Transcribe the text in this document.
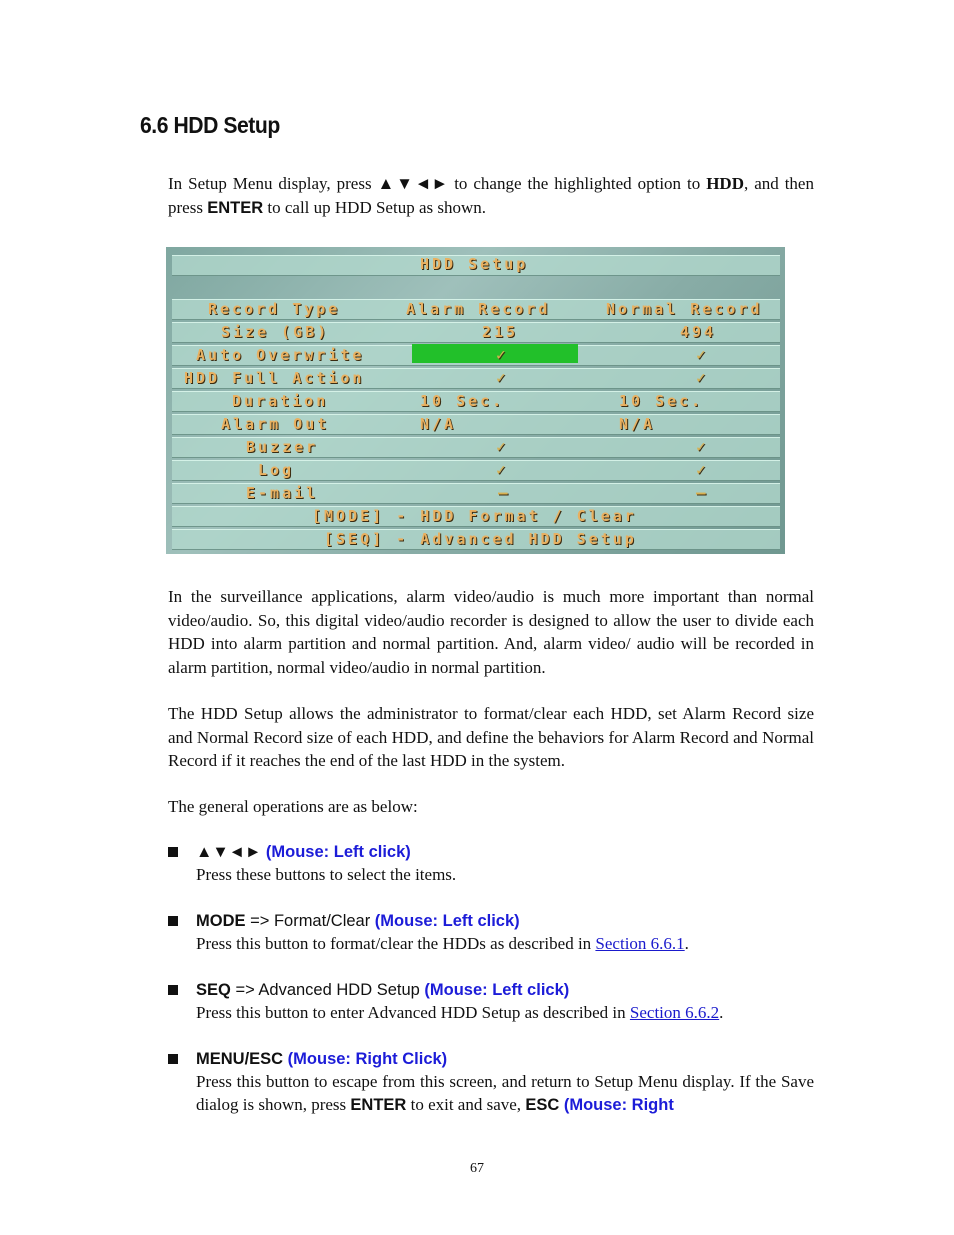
6.6 HDD Setup
In Setup Menu display, press ▲▼◄► to change the highlighted option to HDD, and then press ENTER to call up HDD Setup as shown.
HDD Setup
Record Type	Alarm Record	Normal Record
Size (GB)	215	494
Auto Overwrite	✓	✓
HDD Full Action	✓	✓
Duration	10 Sec.	10 Sec.
Alarm Out	N/A	N/A
Buzzer	✓	✓
Log	✓	✓
E-mail	–	–
[MODE] - HDD Format / Clear
[SEQ] - Advanced HDD Setup
In the surveillance applications, alarm video/audio is much more important than normal video/audio. So, this digital video/audio recorder is designed to allow the user to divide each HDD into alarm partition and normal partition. And, alarm video/ audio will be recorded in alarm partition, normal video/audio in normal partition.
The HDD Setup allows the administrator to format/clear each HDD, set Alarm Record size and Normal Record size of each HDD, and define the behaviors for Alarm Record and Normal Record if it reaches the end of the last HDD in the system.
The general operations are as below:
▲▼◄► (Mouse: Left click)
Press these buttons to select the items.
MODE => Format/Clear (Mouse: Left click)
Press this button to format/clear the HDDs as described in Section 6.6.1.
SEQ => Advanced HDD Setup (Mouse: Left click)
Press this button to enter Advanced HDD Setup as described in Section 6.6.2.
MENU/ESC (Mouse: Right Click)
Press this button to escape from this screen, and return to Setup Menu display. If the Save dialog is shown, press ENTER to exit and save, ESC (Mouse: Right
67
